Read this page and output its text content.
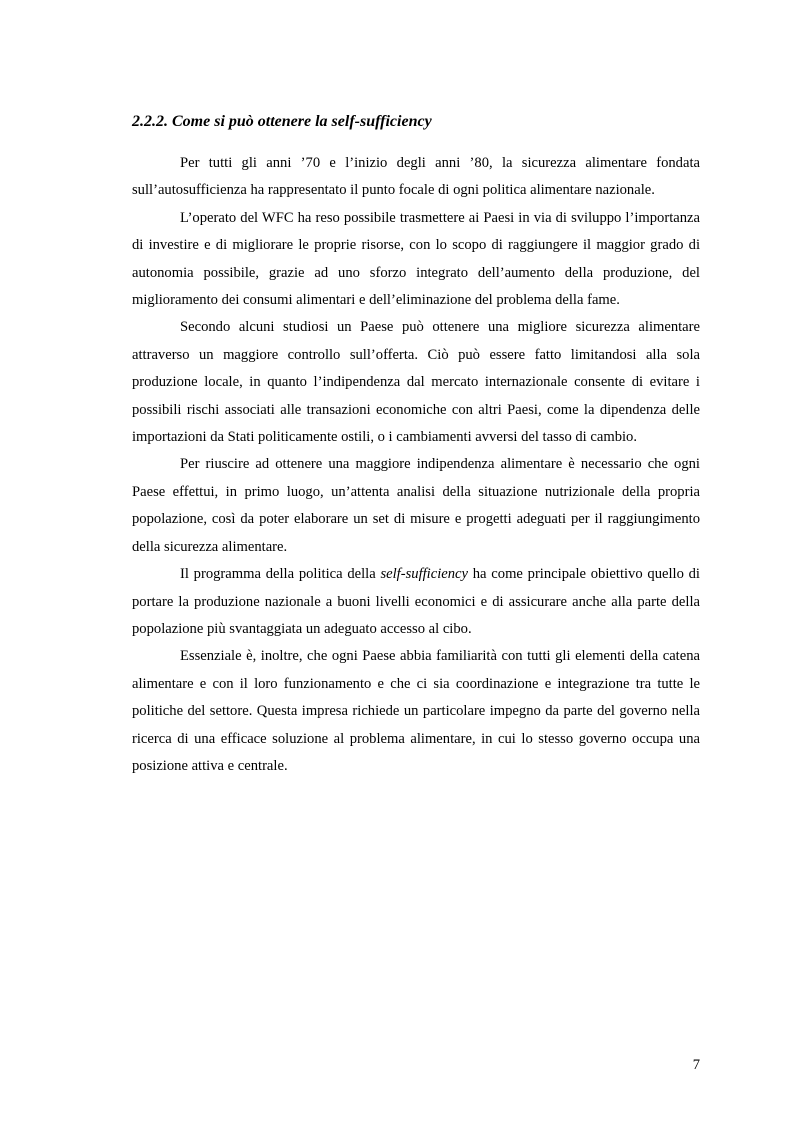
2.2.2. Come si può ottenere la self-sufficiency

Per tutti gli anni ’70 e l’inizio degli anni ’80, la sicurezza alimentare fondata sull’autosufficienza ha rappresentato il punto focale di ogni politica alimentare nazionale.

L’operato del WFC ha reso possibile trasmettere ai Paesi in via di sviluppo l’importanza di investire e di migliorare le proprie risorse, con lo scopo di raggiungere il maggior grado di autonomia possibile, grazie ad uno sforzo integrato dell’aumento della produzione, del miglioramento dei consumi alimentari e dell’eliminazione del problema della fame.

Secondo alcuni studiosi un Paese può ottenere una migliore sicurezza alimentare attraverso un maggiore controllo sull’offerta. Ciò può essere fatto limitandosi alla sola produzione locale, in quanto l’indipendenza dal mercato internazionale consente di evitare i possibili rischi associati alle transazioni economiche con altri Paesi, come la dipendenza delle importazioni da Stati politicamente ostili, o i cambiamenti avversi del tasso di cambio.

Per riuscire ad ottenere una maggiore indipendenza alimentare è necessario che ogni Paese effettui, in primo luogo, un’attenta analisi della situazione nutrizionale della propria popolazione, così da poter elaborare un set di misure e progetti adeguati per il raggiungimento della sicurezza alimentare.

Il programma della politica della self-sufficiency ha come principale obiettivo quello di portare la produzione nazionale a buoni livelli economici e di assicurare anche alla parte della popolazione più svantaggiata un adeguato accesso al cibo.

Essenziale è, inoltre, che ogni Paese abbia familiarità con tutti gli elementi della catena alimentare e con il loro funzionamento e che ci sia coordinazione e integrazione tra tutte le politiche del settore. Questa impresa richiede un particolare impegno da parte del governo nella ricerca di una efficace soluzione al problema alimentare, in cui lo stesso governo occupa una posizione attiva e centrale.

7
